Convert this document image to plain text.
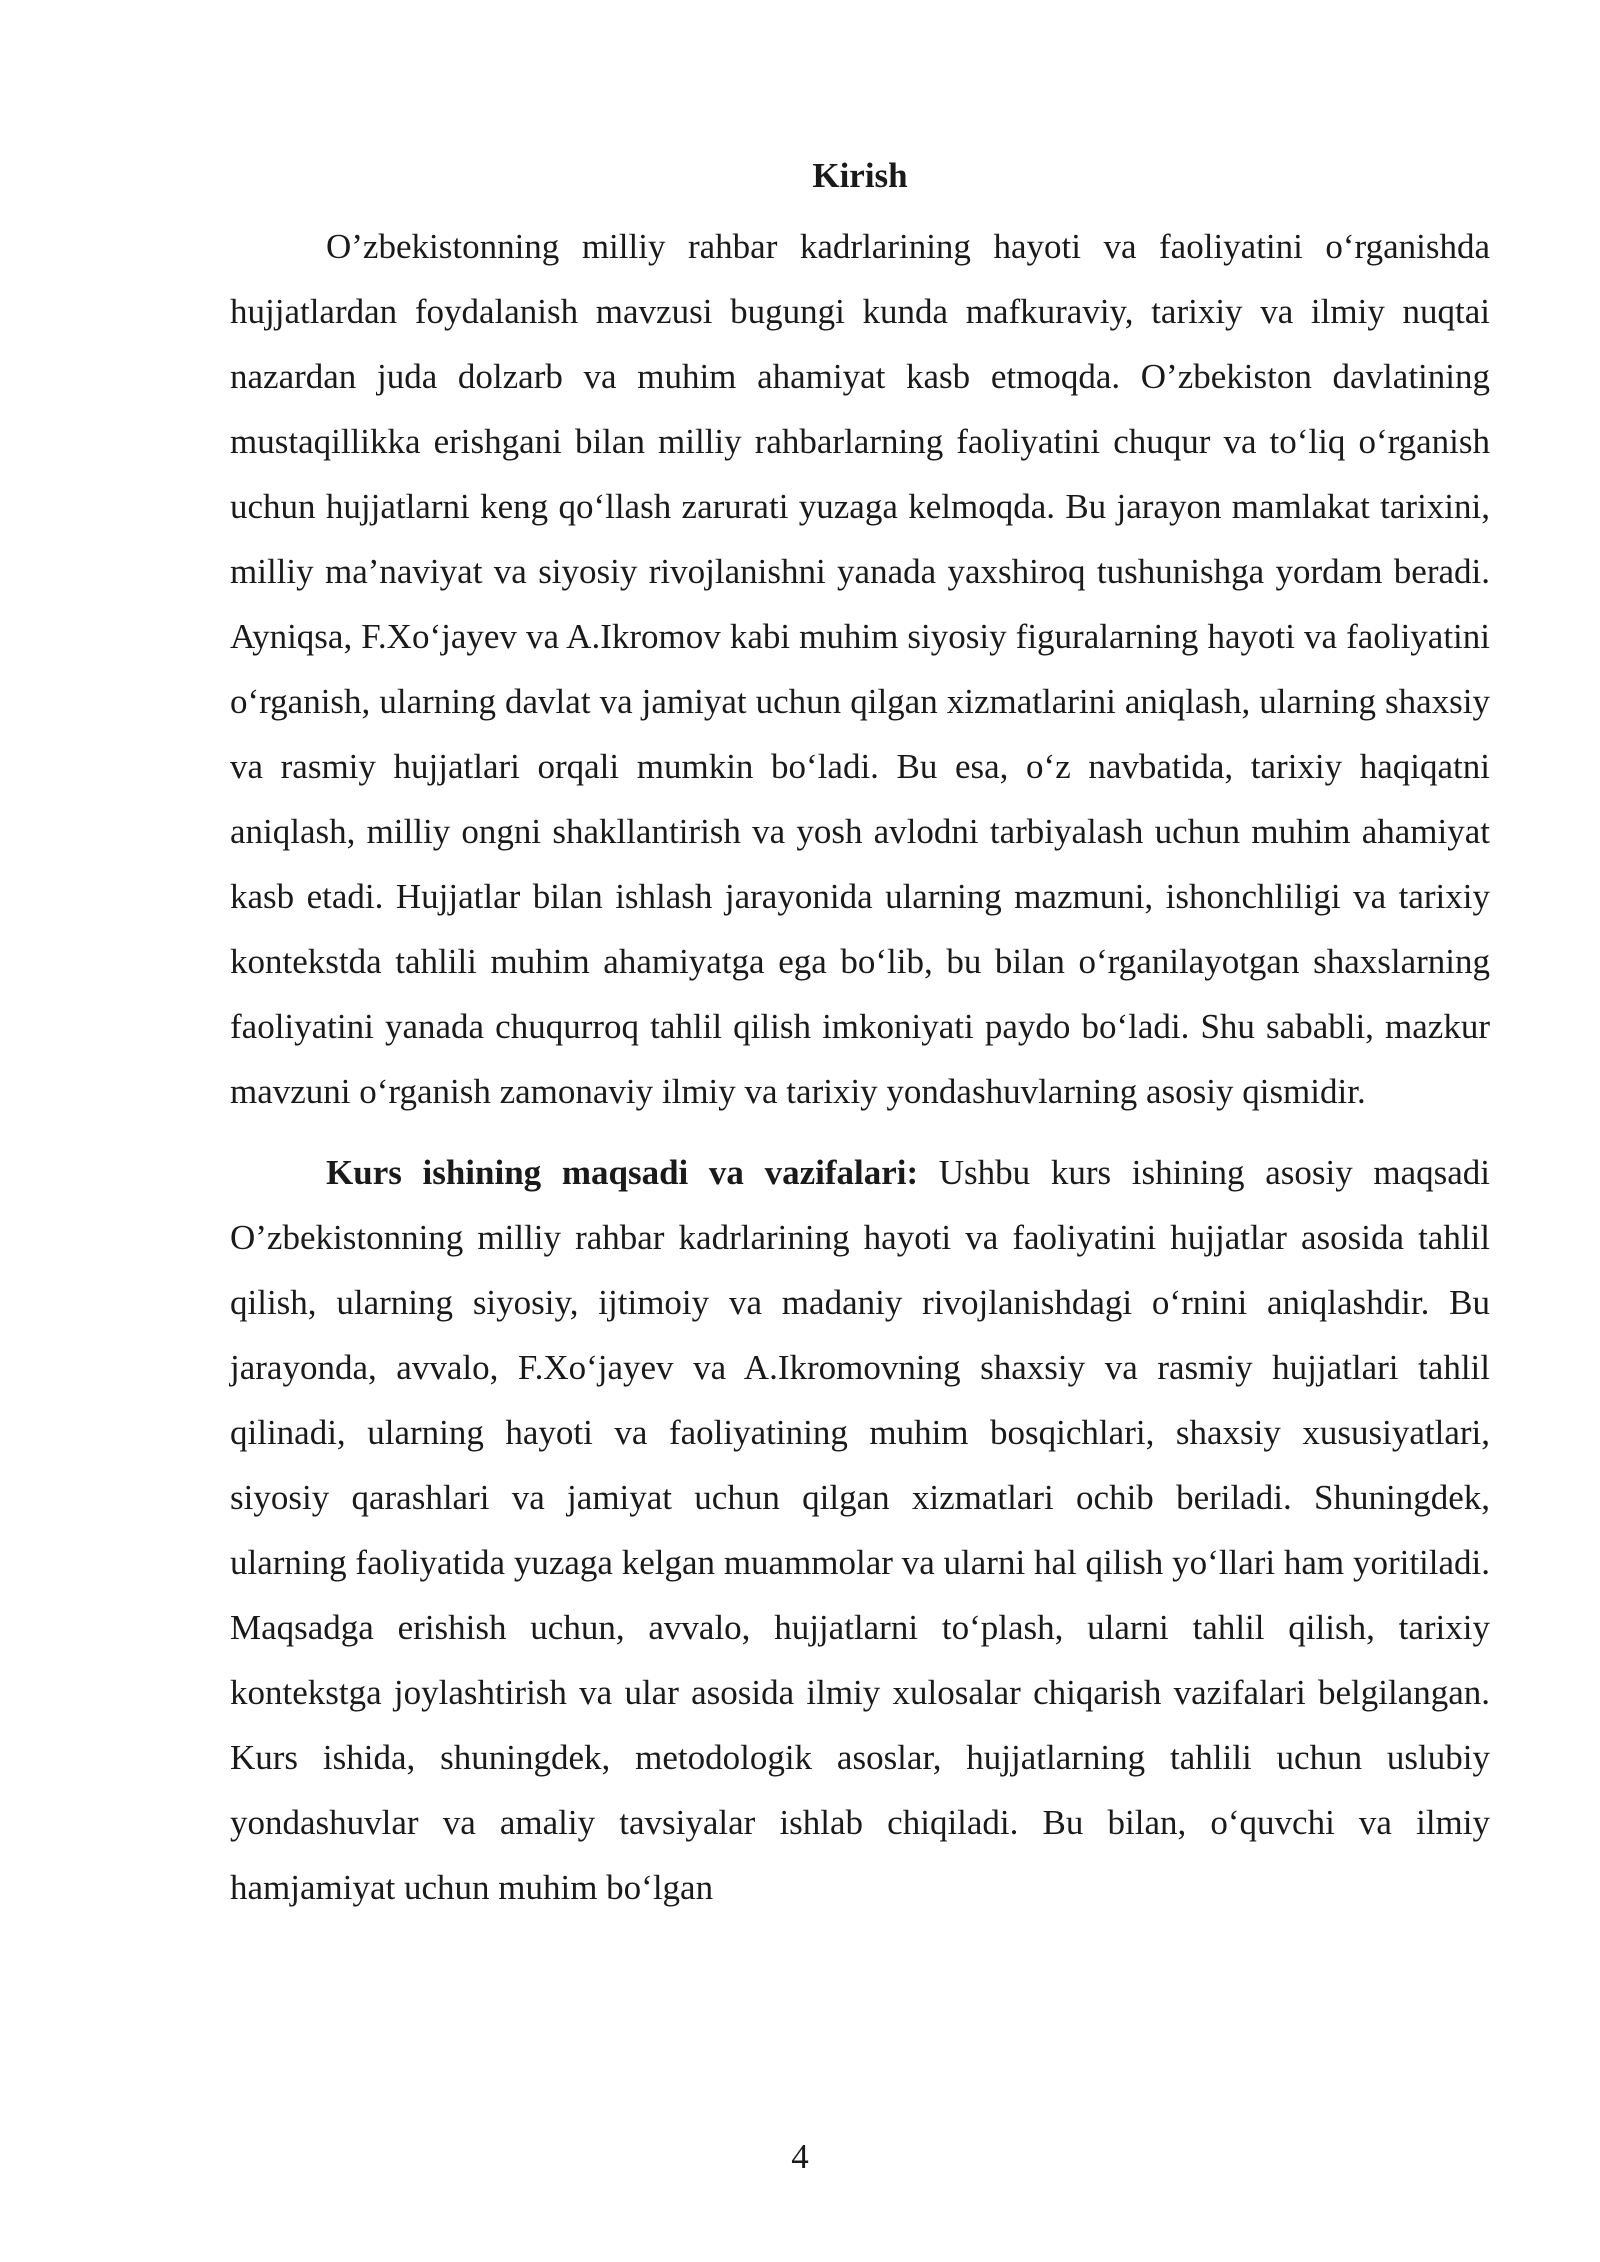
Kirish

O’zbekistonning milliy rahbar kadrlarining hayoti va faoliyatini o‘rganishda hujjatlardan foydalanish mavzusi bugungi kunda mafkuraviy, tarixiy va ilmiy nuqtai nazardan juda dolzarb va muhim ahamiyat kasb etmoqda. O’zbekiston davlatining mustaqillikka erishgani bilan milliy rahbarlarning faoliyatini chuqur va to‘liq o‘rganish uchun hujjatlarni keng qo‘llash zarurati yuzaga kelmoqda. Bu jarayon mamlakat tarixini, milliy ma’naviyat va siyosiy rivojlanishni yanada yaxshiroq tushunishga yordam beradi. Ayniqsa, F.Xo‘jayev va A.Ikromov kabi muhim siyosiy figuralarning hayoti va faoliyatini o‘rganish, ularning davlat va jamiyat uchun qilgan xizmatlarini aniqlash, ularning shaxsiy va rasmiy hujjatlari orqali mumkin bo‘ladi. Bu esa, o‘z navbatida, tarixiy haqiqatni aniqlash, milliy ongni shakllantirish va yosh avlodni tarbiyalash uchun muhim ahamiyat kasb etadi. Hujjatlar bilan ishlash jarayonida ularning mazmuni, ishonchliligi va tarixiy kontekstda tahlili muhim ahamiyatga ega bo‘lib, bu bilan o‘rganilayotgan shaxslarning faoliyatini yanada chuqurroq tahlil qilish imkoniyati paydo bo‘ladi. Shu sababli, mazkur mavzuni o‘rganish zamonaviy ilmiy va tarixiy yondashuvlarning asosiy qismidir.

Kurs ishining maqsadi va vazifalari: Ushbu kurs ishining asosiy maqsadi O’zbekistonning milliy rahbar kadrlarining hayoti va faoliyatini hujjatlar asosida tahlil qilish, ularning siyosiy, ijtimoiy va madaniy rivojlanishdagi o‘rnini aniqlashdir. Bu jarayonda, avvalo, F.Xo‘jayev va A.Ikromovning shaxsiy va rasmiy hujjatlari tahlil qilinadi, ularning hayoti va faoliyatining muhim bosqichlari, shaxsiy xususiyatlari, siyosiy qarashlari va jamiyat uchun qilgan xizmatlari ochib beriladi. Shuningdek, ularning faoliyatida yuzaga kelgan muammolar va ularni hal qilish yo‘llari ham yoritiladi. Maqsadga erishish uchun, avvalo, hujjatlarni to‘plash, ularni tahlil qilish, tarixiy kontekstga joylashtirish va ular asosida ilmiy xulosalar chiqarish vazifalari belgilangan. Kurs ishida, shuningdek, metodologik asoslar, hujjatlarning tahlili uchun uslubiy yondashuvlar va amaliy tavsiyalar ishlab chiqiladi. Bu bilan, o‘quvchi va ilmiy hamjamiyat uchun muhim bo‘lgan

4
